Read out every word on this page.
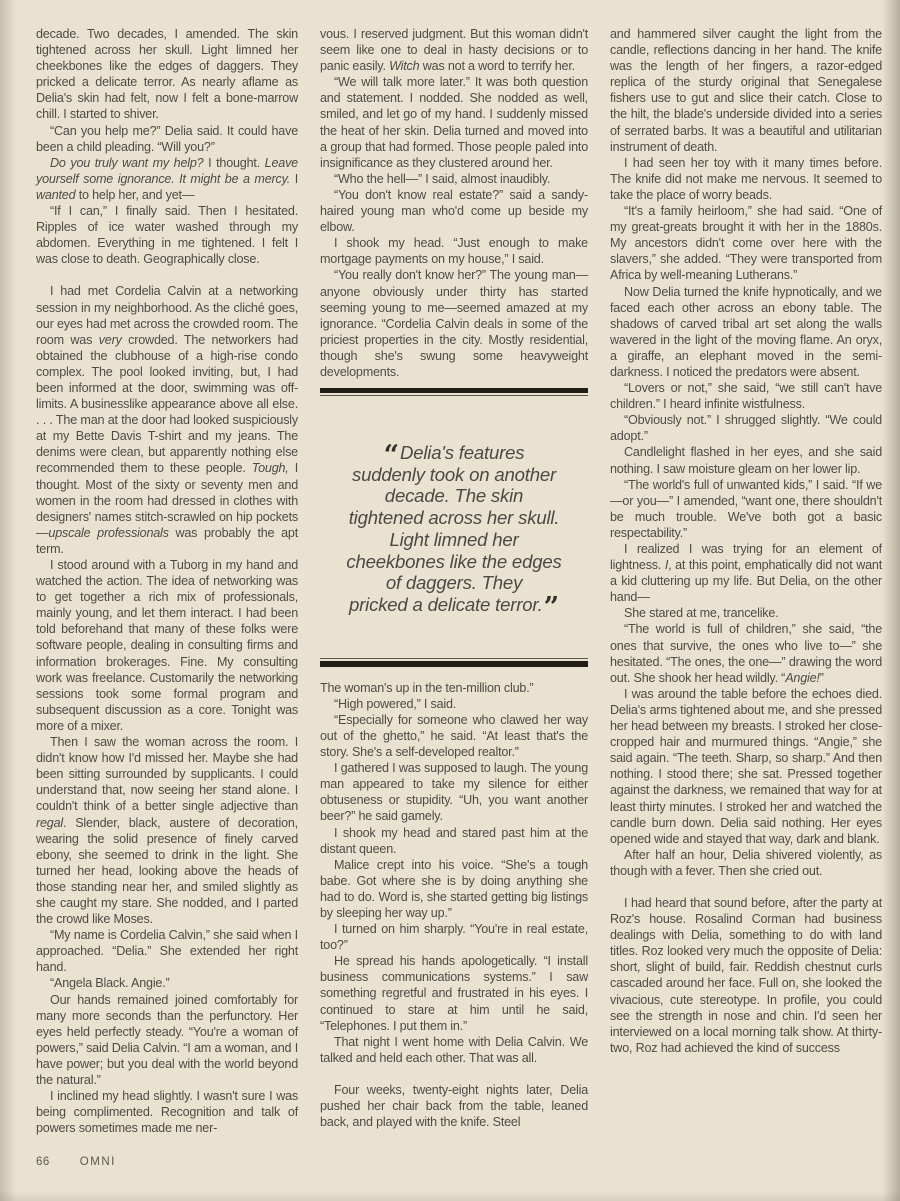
decade. Two decades, I amended. The skin tightened across her skull. Light limned her cheekbones like the edges of daggers. They pricked a delicate terror. As nearly aflame as Delia's skin had felt, now I felt a bone-marrow chill. I started to shiver.

“Can you help me?” Delia said. It could have been a child pleading. “Will you?”

Do you truly want my help? I thought. Leave yourself some ignorance. It might be a mercy. I wanted to help her, and yet—

“If I can,” I finally said. Then I hesitated. Ripples of ice water washed through my abdomen. Everything in me tightened. I felt I was close to death. Geographically close.

I had met Cordelia Calvin at a networking session in my neighborhood. As the cliché goes, our eyes had met across the crowded room. The room was very crowded. The networkers had obtained the clubhouse of a high-rise condo complex. The pool looked inviting, but, I had been informed at the door, swimming was off-limits. A businesslike appearance above all else. . . . The man at the door had looked suspiciously at my Bette Davis T-shirt and my jeans. The denims were clean, but apparently nothing else recommended them to these people. Tough, I thought. Most of the sixty or seventy men and women in the room had dressed in clothes with designers' names stitch-scrawled on hip pockets—upscale professionals was probably the apt term.

I stood around with a Tuborg in my hand and watched the action. The idea of networking was to get together a rich mix of professionals, mainly young, and let them interact. I had been told beforehand that many of these folks were software people, dealing in consulting firms and information brokerages. Fine. My consulting work was freelance. Customarily the networking sessions took some formal program and subsequent discussion as a core. Tonight was more of a mixer.

Then I saw the woman across the room. I didn't know how I'd missed her. Maybe she had been sitting surrounded by supplicants. I could understand that, now seeing her stand alone. I couldn't think of a better single adjective than regal. Slender, black, austere of decoration, wearing the solid presence of finely carved ebony, she seemed to drink in the light. She turned her head, looking above the heads of those standing near her, and smiled slightly as she caught my stare. She nodded, and I parted the crowd like Moses.

“My name is Cordelia Calvin,” she said when I approached. “Delia.” She extended her right hand.

“Angela Black. Angie.”

Our hands remained joined comfortably for many more seconds than the perfunctory. Her eyes held perfectly steady. “You're a woman of powers,” said Delia Calvin. “I am a woman, and I have power; but you deal with the world beyond the natural.”

I inclined my head slightly. I wasn't sure I was being complimented. Recognition and talk of powers sometimes made me ner-

vous. I reserved judgment. But this woman didn't seem like one to deal in hasty decisions or to panic easily. Witch was not a word to terrify her.

“We will talk more later.” It was both question and statement. I nodded. She nodded as well, smiled, and let go of my hand. I suddenly missed the heat of her skin. Delia turned and moved into a group that had formed. Those people paled into insignificance as they clustered around her.

“Who the hell—” I said, almost inaudibly.

“You don't know real estate?” said a sandy-haired young man who'd come up beside my elbow.

I shook my head. “Just enough to make mortgage payments on my house,” I said.

“You really don't know her?” The young man—anyone obviously under thirty has started seeming young to me—seemed amazed at my ignorance. “Cordelia Calvin deals in some of the priciest properties in the city. Mostly residential, though she's swung some heavyweight developments.

“Delia's features
suddenly took on another
decade. The skin
tightened across her skull.
Light limned her
cheekbones like the edges
of daggers. They
pricked a delicate terror.”

The woman's up in the ten-million club.”

“High powered,” I said.

“Especially for someone who clawed her way out of the ghetto,” he said. “At least that's the story. She's a self-developed realtor.”

I gathered I was supposed to laugh. The young man appeared to take my silence for either obtuseness or stupidity. “Uh, you want another beer?” he said gamely.

I shook my head and stared past him at the distant queen.

Malice crept into his voice. “She's a tough babe. Got where she is by doing anything she had to do. Word is, she started getting big listings by sleeping her way up.”

I turned on him sharply. “You're in real estate, too?”

He spread his hands apologetically. “I install business communications systems.” I saw something regretful and frustrated in his eyes. I continued to stare at him until he said, “Telephones. I put them in.”

That night I went home with Delia Calvin. We talked and held each other. That was all.

Four weeks, twenty-eight nights later, Delia pushed her chair back from the table, leaned back, and played with the knife. Steel

and hammered silver caught the light from the candle, reflections dancing in her hand. The knife was the length of her fingers, a razor-edged replica of the sturdy original that Senegalese fishers use to gut and slice their catch. Close to the hilt, the blade's underside divided into a series of serrated barbs. It was a beautiful and utilitarian instrument of death.

I had seen her toy with it many times before. The knife did not make me nervous. It seemed to take the place of worry beads.

“It's a family heirloom,” she had said. “One of my great-greats brought it with her in the 1880s. My ancestors didn't come over here with the slavers,” she added. “They were transported from Africa by well-meaning Lutherans.”

Now Delia turned the knife hypnotically, and we faced each other across an ebony table. The shadows of carved tribal art set along the walls wavered in the light of the moving flame. An oryx, a giraffe, an elephant moved in the semi-darkness. I noticed the predators were absent.

“Lovers or not,” she said, “we still can't have children.” I heard infinite wistfulness.

“Obviously not.” I shrugged slightly. “We could adopt.”

Candlelight flashed in her eyes, and she said nothing. I saw moisture gleam on her lower lip.

“The world's full of unwanted kids,” I said. “If we—or you—” I amended, “want one, there shouldn't be much trouble. We've both got a basic respectability.”

I realized I was trying for an element of lightness. I, at this point, emphatically did not want a kid cluttering up my life. But Delia, on the other hand—

She stared at me, trancelike.

“The world is full of children,” she said, “the ones that survive, the ones who live to—” she hesitated. “The ones, the one—” drawing the word out. She shook her head wildly. “Angie!”

I was around the table before the echoes died. Delia's arms tightened about me, and she pressed her head between my breasts. I stroked her close-cropped hair and murmured things. “Angie,” she said again. “The teeth. Sharp, so sharp.” And then nothing. I stood there; she sat. Pressed together against the darkness, we remained that way for at least thirty minutes. I stroked her and watched the candle burn down. Delia said nothing. Her eyes opened wide and stayed that way, dark and blank.

After half an hour, Delia shivered violently, as though with a fever. Then she cried out.

I had heard that sound before, after the party at Roz's house. Rosalind Corman had business dealings with Delia, something to do with land titles. Roz looked very much the opposite of Delia: short, slight of build, fair. Reddish chestnut curls cascaded around her face. Full on, she looked the vivacious, cute stereotype. In profile, you could see the strength in nose and chin. I'd seen her interviewed on a local morning talk show. At thirty-two, Roz had achieved the kind of success

66	OMNI
